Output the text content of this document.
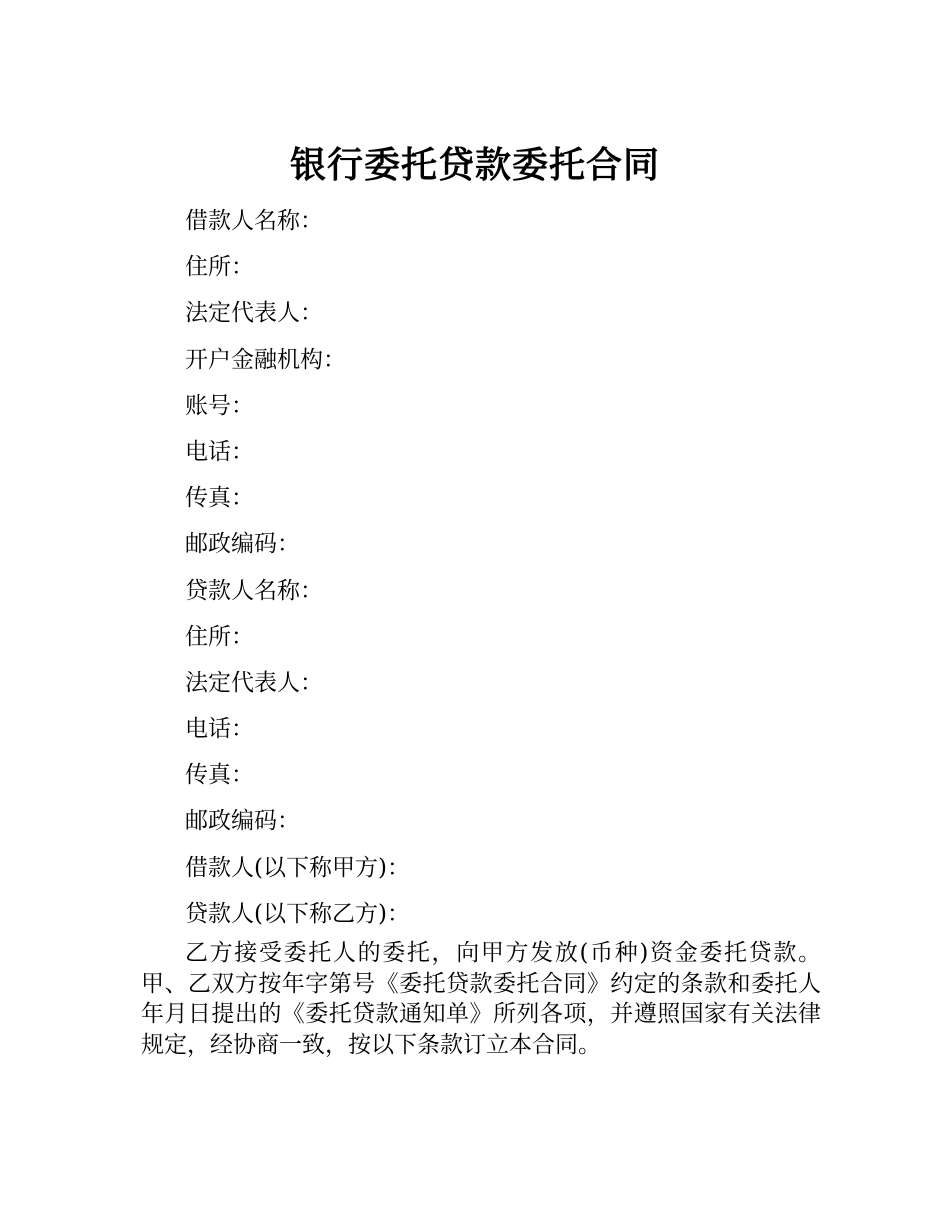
银行委托贷款委托合同
借款人名称：
住所：
法定代表人：
开户金融机构：
账号：
电话：
传真：
邮政编码：
贷款人名称：
住所：
法定代表人：
电话：
传真：
邮政编码：
借款人(以下称甲方)：
贷款人(以下称乙方)：

乙方接受委托人的委托，向甲方发放(币种)资金委托贷款。甲、乙双方按年字第号《委托贷款委托合同》约定的条款和委托人年月日提出的《委托贷款通知单》所列各项，并遵照国家有关法律规定，经协商一致，按以下条款订立本合同。
